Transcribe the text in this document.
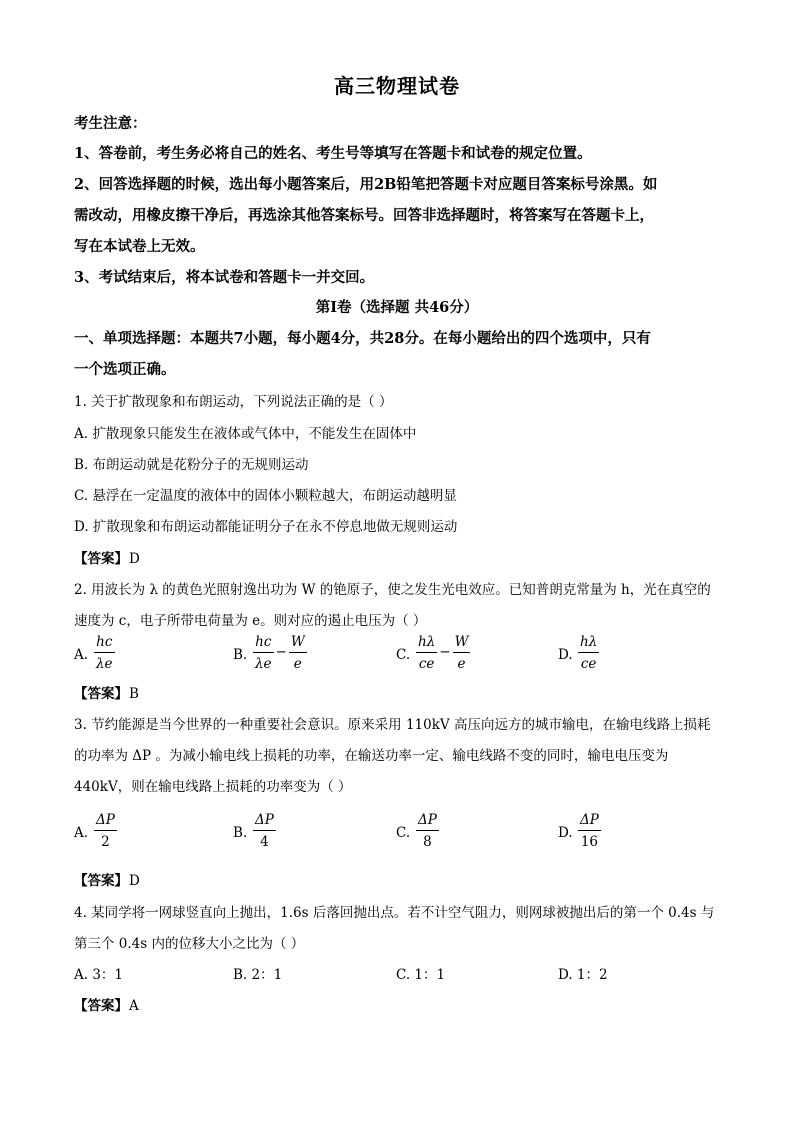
高三物理试卷
考生注意：
1、答卷前，考生务必将自己的姓名、考生号等填写在答题卡和试卷的规定位置。
2、回答选择题的时候，选出每小题答案后，用2B铅笔把答题卡对应题目答案标号涂黑。如
需改动，用橡皮擦干净后，再选涂其他答案标号。回答非选择题时，将答案写在答题卡上，
写在本试卷上无效。
3、考试结束后，将本试卷和答题卡一并交回。
第Ⅰ卷（选择题 共46分）
一、单项选择题：本题共7小题，每小题4分，共28分。在每小题给出的四个选项中，只有
一个选项正确。
1. 关于扩散现象和布朗运动，下列说法正确的是（ ）
A. 扩散现象只能发生在液体或气体中，不能发生在固体中
B. 布朗运动就是花粉分子的无规则运动
C. 悬浮在一定温度的液体中的固体小颗粒越大，布朗运动越明显
D. 扩散现象和布朗运动都能证明分子在永不停息地做无规则运动
【答案】D
2. 用波长为 λ 的黄色光照射逸出功为 W 的铯原子，使之发生光电效应。已知普朗克常量为 h，光在真空的
速度为 c，电子所带电荷量为 e。则对应的遏止电压为（ ）
A. $\frac{hc}{\lambda e}$	B. $\frac{hc}{\lambda e} - \frac{W}{e}$	C. $\frac{h\lambda}{ce} - \frac{W}{e}$	D. $\frac{h\lambda}{ce}$
【答案】B
3. 节约能源是当今世界的一种重要社会意识。原来采用 110kV 高压向远方的城市输电，在输电线路上损耗
的功率为 ΔP 。为减小输电线上损耗的功率，在输送功率一定、输电线路不变的同时，输电电压变为
440kV，则在输电线路上损耗的功率变为（ ）
A. $\frac{\Delta P}{2}$	B. $\frac{\Delta P}{4}$	C. $\frac{\Delta P}{8}$	D. $\frac{\Delta P}{16}$
【答案】D
4. 某同学将一网球竖直向上抛出，1.6s 后落回抛出点。若不计空气阻力，则网球被抛出后的第一个 0.4s 与
第三个 0.4s 内的位移大小之比为（ ）
A. 3：1	B. 2：1	C. 1：1	D. 1：2
【答案】A
